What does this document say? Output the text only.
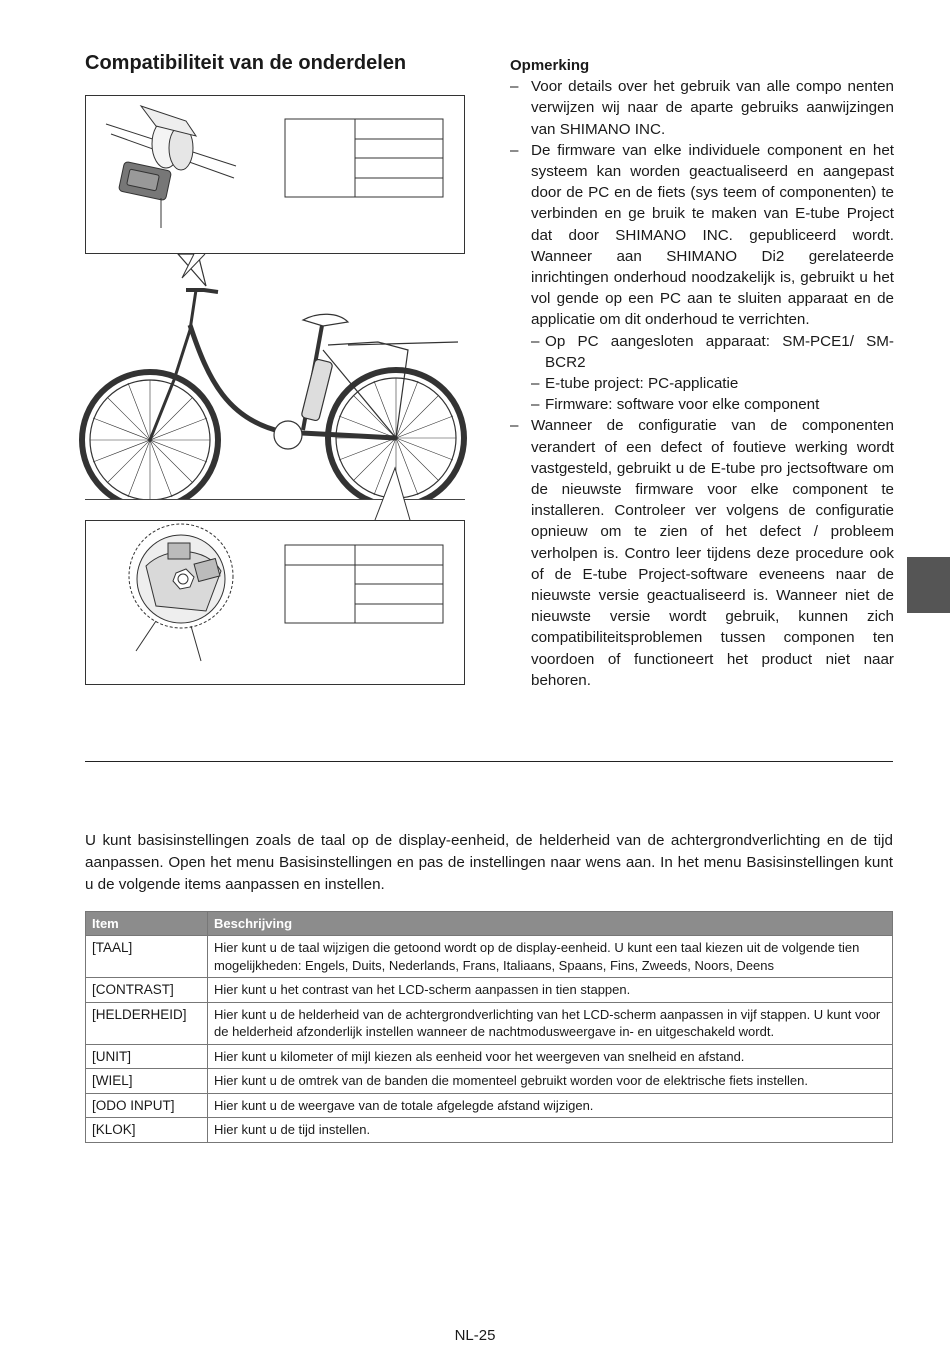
Compatibiliteit van de onderdelen	Opmerking
– Voor details over het gebruik van alle compo nenten verwijzen wij naar de aparte gebruiks aanwijzingen van SHIMANO INC.
– De firmware van elke individuele component en het systeem kan worden geactualiseerd en aangepast door de PC en de fiets (sys teem of componenten) te verbinden en ge bruik te maken van E-tube Project dat door SHIMANO INC. gepubliceerd wordt. Wanneer aan SHIMANO Di2 gerelateerde inrichtingen onderhoud noodzakelijk is, gebruikt u het vol gende op een PC aan te sluiten apparaat en de applicatie om dit onderhoud te verrichten.
– Op PC aangesloten apparaat: SM-PCE1/ SM-BCR2
– E-tube project: PC-applicatie
– Firmware: software voor elke component
– Wanneer de configuratie van de componenten verandert of een defect of foutieve werking wordt vastgesteld, gebruikt u de E-tube pro jectsoftware om de nieuwste firmware voor elke component te installeren. Controleer ver volgens de configuratie opnieuw om te zien of het defect / probleem verholpen is. Contro leer tijdens deze procedure ook of de E-tube Project-software eveneens naar de nieuwste versie geactualiseerd is. Wanneer niet de nieuwste versie wordt gebruik, kunnen zich compatibiliteitsproblemen tussen componen ten voordoen of functioneert het product niet naar behoren.

U kunt basisinstellingen zoals de taal op de display-eenheid, de helderheid van de achtergrondverlichting en de tijd aanpassen. Open het menu Basisinstellingen en pas de instellingen naar wens aan. In het menu Basisinstellingen kunt u de volgende items aanpassen en instellen.

Item	Beschrijving
[TAAL]	Hier kunt u de taal wijzigen die getoond wordt op de display-eenheid. U kunt een taal kiezen uit de volgende tien mogelijkheden: Engels, Duits, Nederlands, Frans, Italiaans, Spaans, Fins, Zweeds, Noors, Deens
[CONTRAST]	Hier kunt u het contrast van het LCD-scherm aanpassen in tien stappen.
[HELDERHEID]	Hier kunt u de helderheid van de achtergrondverlichting van het LCD-scherm aanpassen in vijf stappen. U kunt voor de helderheid afzonderlijk instellen wanneer de nachtmodusweergave in- en uitgeschakeld wordt.
[UNIT]	Hier kunt u kilometer of mijl kiezen als eenheid voor het weergeven van snelheid en afstand.
[WIEL]	Hier kunt u de omtrek van de banden die momenteel gebruikt worden voor de elektrische fiets instellen.
[ODO INPUT]	Hier kunt u de weergave van de totale afgelegde afstand wijzigen.
[KLOK]	Hier kunt u de tijd instellen.
NL-25
